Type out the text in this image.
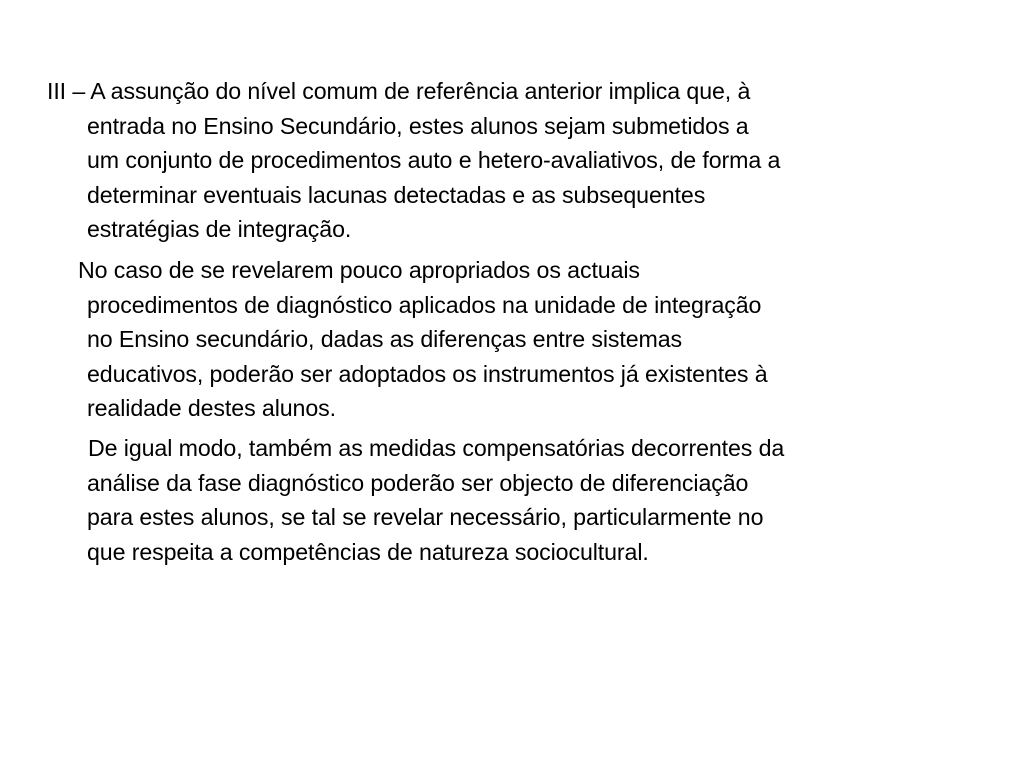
III – A assunção do nível comum de referência anterior implica que, à
entrada no Ensino Secundário, estes alunos sejam submetidos a
um conjunto de procedimentos auto e hetero-avaliativos, de forma a
determinar eventuais lacunas detectadas e as subsequentes
estratégias de integração.
No caso de se revelarem pouco apropriados os actuais
procedimentos de diagnóstico aplicados na unidade de integração
no Ensino secundário, dadas as diferenças entre sistemas
educativos, poderão ser adoptados os instrumentos já existentes à
realidade destes alunos.
De igual modo, também as medidas compensatórias decorrentes da
análise da fase diagnóstico poderão ser objecto de diferenciação
para estes alunos, se tal se revelar necessário, particularmente no
que respeita a competências de natureza sociocultural.
